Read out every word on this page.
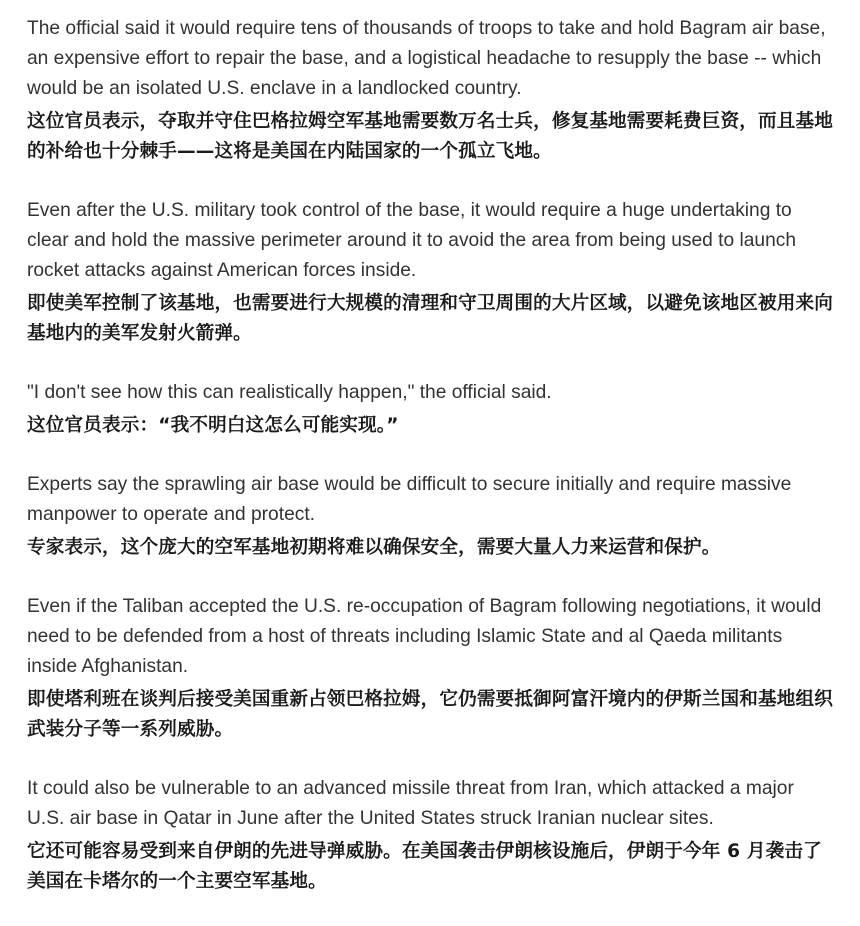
The official said it would require tens of thousands of troops to take and hold Bagram air base, an expensive effort to repair the base, and a logistical headache to resupply the base -- which would be an isolated U.S. enclave in a landlocked country.

这位官员表示，夺取并守住巴格拉姆空军基地需要数万名士兵，修复基地需要耗费巨资，而且基地的补给也十分棘手——这将是美国在内陆国家的一个孤立飞地。

Even after the U.S. military took control of the base, it would require a huge undertaking to clear and hold the massive perimeter around it to avoid the area from being used to launch rocket attacks against American forces inside.

即使美军控制了该基地，也需要进行大规模的清理和守卫周围的大片区域，以避免该地区被用来向基地内的美军发射火箭弹。

"I don't see how this can realistically happen," the official said.

这位官员表示：“我不明白这怎么可能实现。”

Experts say the sprawling air base would be difficult to secure initially and require massive manpower to operate and protect.

专家表示，这个庞大的空军基地初期将难以确保安全，需要大量人力来运营和保护。

Even if the Taliban accepted the U.S. re-occupation of Bagram following negotiations, it would need to be defended from a host of threats including Islamic State and al Qaeda militants inside Afghanistan.

即使塔利班在谈判后接受美国重新占领巴格拉姆，它仍需要抵御阿富汗境内的伊斯兰国和基地组织武装分子等一系列威胁。

It could also be vulnerable to an advanced missile threat from Iran, which attacked a major U.S. air base in Qatar in June after the United States struck Iranian nuclear sites.

它还可能容易受到来自伊朗的先进导弹威胁。在美国袭击伊朗核设施后，伊朗于今年 6 月袭击了美国在卡塔尔的一个主要空军基地。
